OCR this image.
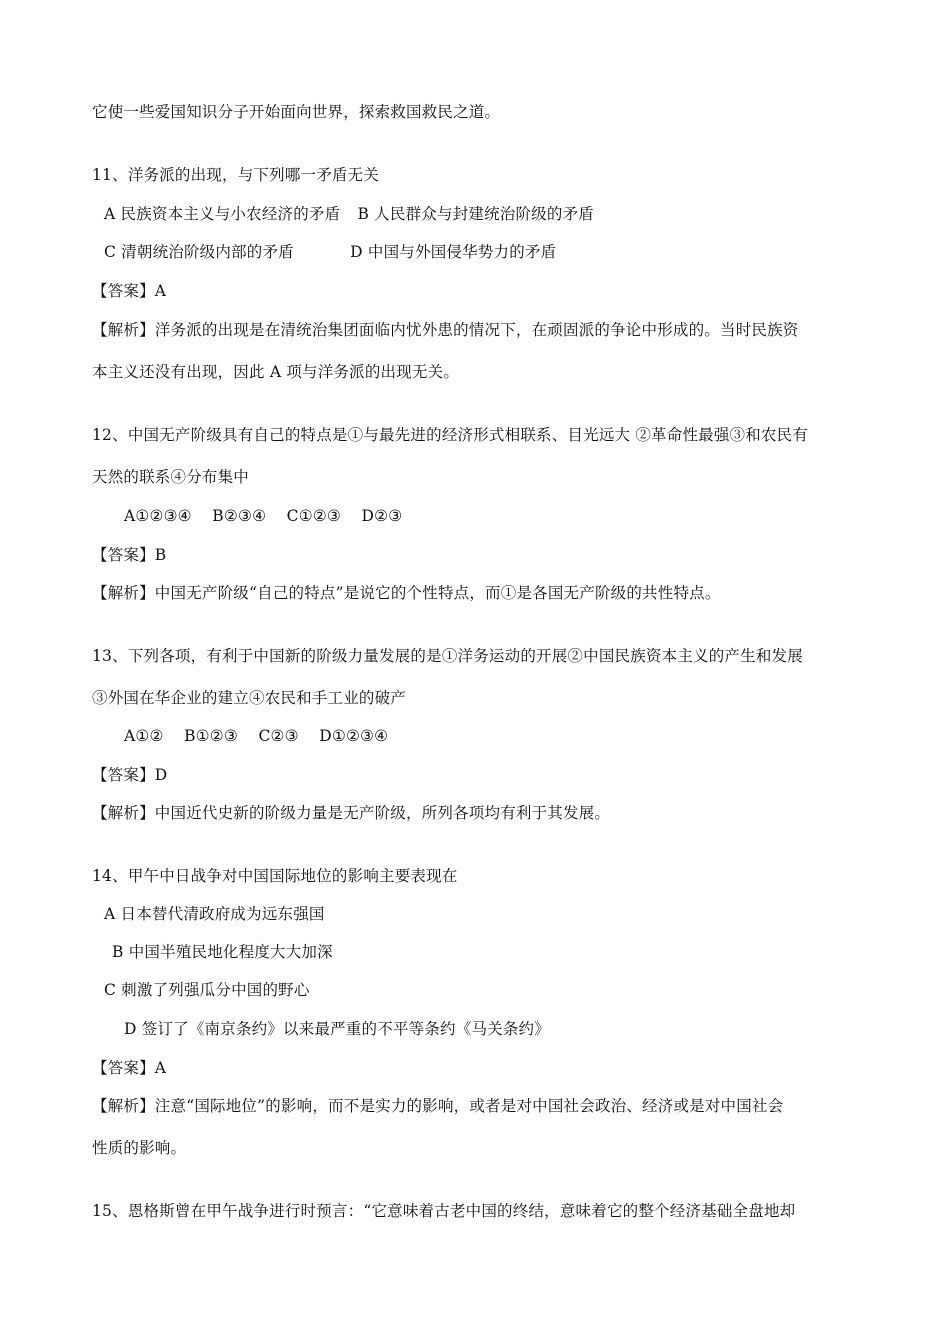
它使一些爱国知识分子开始面向世界，探索救国救民之道。
11、洋务派的出现，与下列哪一矛盾无关
A 民族资本主义与小农经济的矛盾 B 人民群众与封建统治阶级的矛盾
C 清朝统治阶级内部的矛盾	D 中国与外国侵华势力的矛盾
【答案】A
【解析】洋务派的出现是在清统治集团面临内忧外患的情况下，在顽固派的争论中形成的。当时民族资
本主义还没有出现，因此 A 项与洋务派的出现无关。
12、中国无产阶级具有自己的特点是①与最先进的经济形式相联系、目光远大 ②革命性最强③和农民有
天然的联系④分布集中
A①②③④    B②③④    C①②③    D②③
【答案】B
【解析】中国无产阶级“自己的特点”是说它的个性特点，而①是各国无产阶级的共性特点。
13、下列各项，有利于中国新的阶级力量发展的是①洋务运动的开展②中国民族资本主义的产生和发展
③外国在华企业的建立④农民和手工业的破产
A①②    B①②③    C②③    D①②③④
【答案】D
【解析】中国近代史新的阶级力量是无产阶级，所列各项均有利于其发展。
14、甲午中日战争对中国国际地位的影响主要表现在
A 日本替代清政府成为远东强国
B 中国半殖民地化程度大大加深
C 刺激了列强瓜分中国的野心
D 签订了《南京条约》以来最严重的不平等条约《马关条约》
【答案】A
【解析】注意“国际地位”的影响，而不是实力的影响，或者是对中国社会政治、经济或是对中国社会
性质的影响。
15、恩格斯曾在甲午战争进行时预言：“它意味着古老中国的终结，意味着它的整个经济基础全盘地却
